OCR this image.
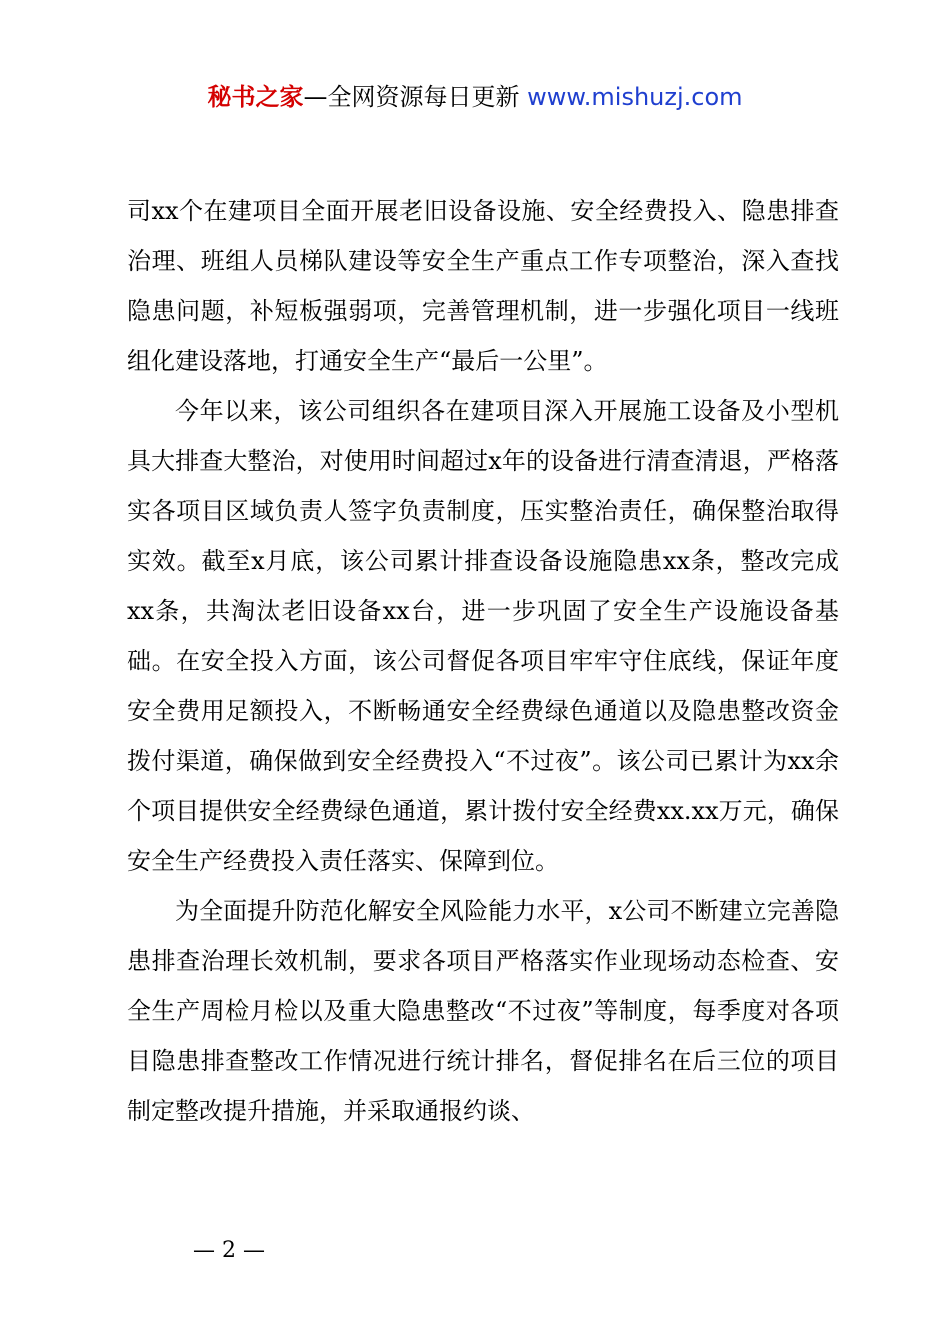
秘书之家—全网资源每日更新 www.mishuzj.com

司xx个在建项目全面开展老旧设备设施、安全经费投入、隐患排查治理、班组人员梯队建设等安全生产重点工作专项整治，深入查找隐患问题，补短板强弱项，完善管理机制，进一步强化项目一线班组化建设落地，打通安全生产“最后一公里”。

今年以来，该公司组织各在建项目深入开展施工设备及小型机具大排查大整治，对使用时间超过x年的设备进行清查清退，严格落实各项目区域负责人签字负责制度，压实整治责任，确保整治取得实效。截至x月底，该公司累计排查设备设施隐患xx条，整改完成xx条，共淘汰老旧设备xx台，进一步巩固了安全生产设施设备基础。在安全投入方面，该公司督促各项目牢牢守住底线，保证年度安全费用足额投入，不断畅通安全经费绿色通道以及隐患整改资金拨付渠道，确保做到安全经费投入“不过夜”。该公司已累计为xx余个项目提供安全经费绿色通道，累计拨付安全经费xx.xx万元，确保安全生产经费投入责任落实、保障到位。

为全面提升防范化解安全风险能力水平，x公司不断建立完善隐患排查治理长效机制，要求各项目严格落实作业现场动态检查、安全生产周检月检以及重大隐患整改“不过夜”等制度，每季度对各项目隐患排查整改工作情况进行统计排名，督促排名在后三位的项目制定整改提升措施，并采取通报约谈、

— 2 —
